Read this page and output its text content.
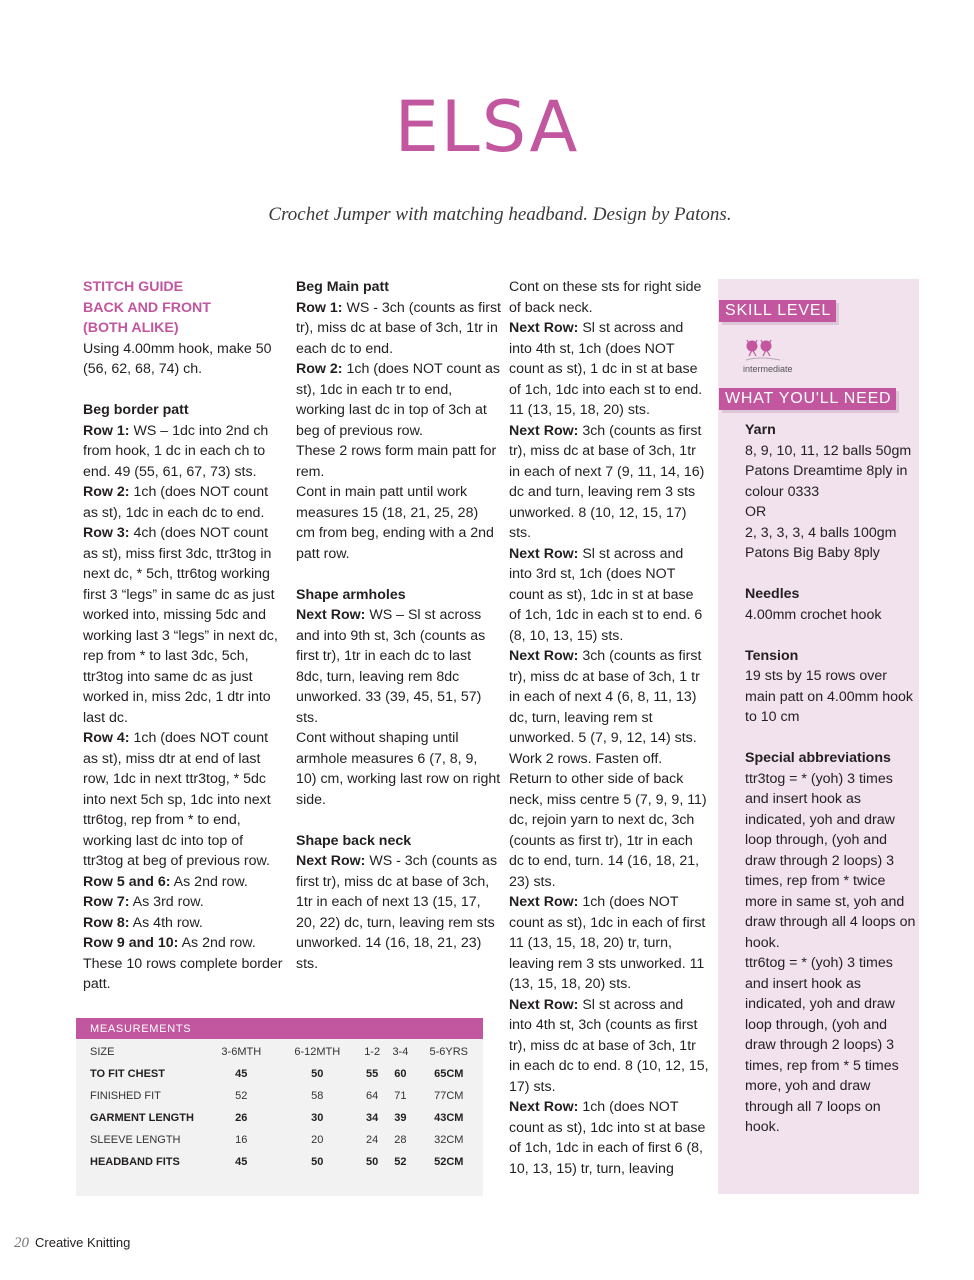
ELSA
Crochet Jumper with matching headband. Design by Patons.

STITCH GUIDE

BACK AND FRONT

(BOTH ALIKE)

Using 4.00mm hook, make 50 (56, 62, 68, 74) ch.

Beg border patt

Row 1: WS – 1dc into 2nd ch from hook, 1 dc in each ch to end. 49 (55, 61, 67, 73) sts.

Row 2: 1ch (does NOT count as st), 1dc in each dc to end.

Row 3: 4ch (does NOT count as st), miss first 3dc, ttr3tog in next dc, * 5ch, ttr6tog working first 3 “legs” in same dc as just worked into, missing 5dc and working last 3 “legs” in next dc, rep from * to last 3dc, 5ch, ttr3tog into same dc as just worked in, miss 2dc, 1 dtr into last dc.

Row 4: 1ch (does NOT count as st), miss dtr at end of last row, 1dc in next ttr3tog, * 5dc into next 5ch sp, 1dc into next ttr6tog, rep from * to end, working last dc into top of ttr3tog at beg of previous row.

Row 5 and 6: As 2nd row.

Row 7: As 3rd row.

Row 8: As 4th row.

Row 9 and 10: As 2nd row.

These 10 rows complete border patt.

Beg Main patt

Row 1: WS - 3ch (counts as first tr), miss dc at base of 3ch, 1tr in each dc to end.

Row 2: 1ch (does NOT count as st), 1dc in each tr to end, working last dc in top of 3ch at beg of previous row.

These 2 rows form main patt for rem.

Cont in main patt until work measures 15 (18, 21, 25, 28) cm from beg, ending with a 2nd patt row.

Shape armholes

Next Row: WS – Sl st across and into 9th st, 3ch (counts as first tr), 1tr in each dc to last 8dc, turn, leaving rem 8dc unworked. 33 (39, 45, 51, 57) sts.

Cont without shaping until armhole measures 6 (7, 8, 9, 10) cm, working last row on right side.

Shape back neck

Next Row: WS - 3ch (counts as first tr), miss dc at base of 3ch, 1tr in each of next 13 (15, 17, 20, 22) dc, turn, leaving rem sts unworked. 14 (16, 18, 21, 23) sts.

Cont on these sts for right side of back neck.

Next Row: Sl st across and into 4th st, 1ch (does NOT count as st), 1 dc in st at base of 1ch, 1dc into each st to end. 11 (13, 15, 18, 20) sts.

Next Row: 3ch (counts as first tr), miss dc at base of 3ch, 1tr in each of next 7 (9, 11, 14, 16) dc and turn, leaving rem 3 sts unworked. 8 (10, 12, 15, 17) sts.

Next Row: Sl st across and into 3rd st, 1ch (does NOT count as st), 1dc in st at base of 1ch, 1dc in each st to end. 6 (8, 10, 13, 15) sts.

Next Row: 3ch (counts as first tr), miss dc at base of 3ch, 1 tr in each of next 4 (6, 8, 11, 13) dc, turn, leaving rem st unworked. 5 (7, 9, 12, 14) sts.

Work 2 rows. Fasten off.

Return to other side of back neck, miss centre 5 (7, 9, 9, 11) dc, rejoin yarn to next dc, 3ch (counts as first tr), 1tr in each dc to end, turn. 14 (16, 18, 21, 23) sts.

Next Row: 1ch (does NOT count as st), 1dc in each of first 11 (13, 15, 18, 20) tr, turn, leaving rem 3 sts unworked. 11 (13, 15, 18, 20) sts.

Next Row: Sl st across and into 4th st, 3ch (counts as first tr), miss dc at base of 3ch, 1tr in each dc to end. 8 (10, 12, 15, 17) sts.

Next Row: 1ch (does NOT count as st), 1dc into st at base of 1ch, 1dc in each of first 6 (8, 10, 13, 15) tr, turn, leaving

SKILL LEVEL
intermediate
WHAT YOU'LL NEED

Yarn

8, 9, 10, 11, 12 balls 50gm Patons Dreamtime 8ply in colour 0333

OR

2, 3, 3, 3, 4 balls 100gm Patons Big Baby 8ply

Needles

4.00mm crochet hook

Tension

19 sts by 15 rows over main patt on 4.00mm hook to 10 cm

Special abbreviations

ttr3tog = * (yoh) 3 times and insert hook as indicated, yoh and draw loop through, (yoh and draw through 2 loops) 3 times, rep from * twice more in same st, yoh and draw through all 4 loops on hook.

ttr6tog = * (yoh) 3 times and insert hook as indicated, yoh and draw loop through, (yoh and draw through 2 loops) 3 times, rep from * 5 times more, yoh and draw through all 7 loops on hook.

MEASUREMENTS
SIZE	3-6MTH	6-12MTH	1-2	3-4	5-6YRS
TO FIT CHEST	45	50	55	60	65CM
FINISHED FIT	52	58	64	71	77CM
GARMENT LENGTH	26	30	34	39	43CM
SLEEVE LENGTH	16	20	24	28	32CM
HEADBAND FITS	45	50	50	52	52CM
20 Creative Knitting
